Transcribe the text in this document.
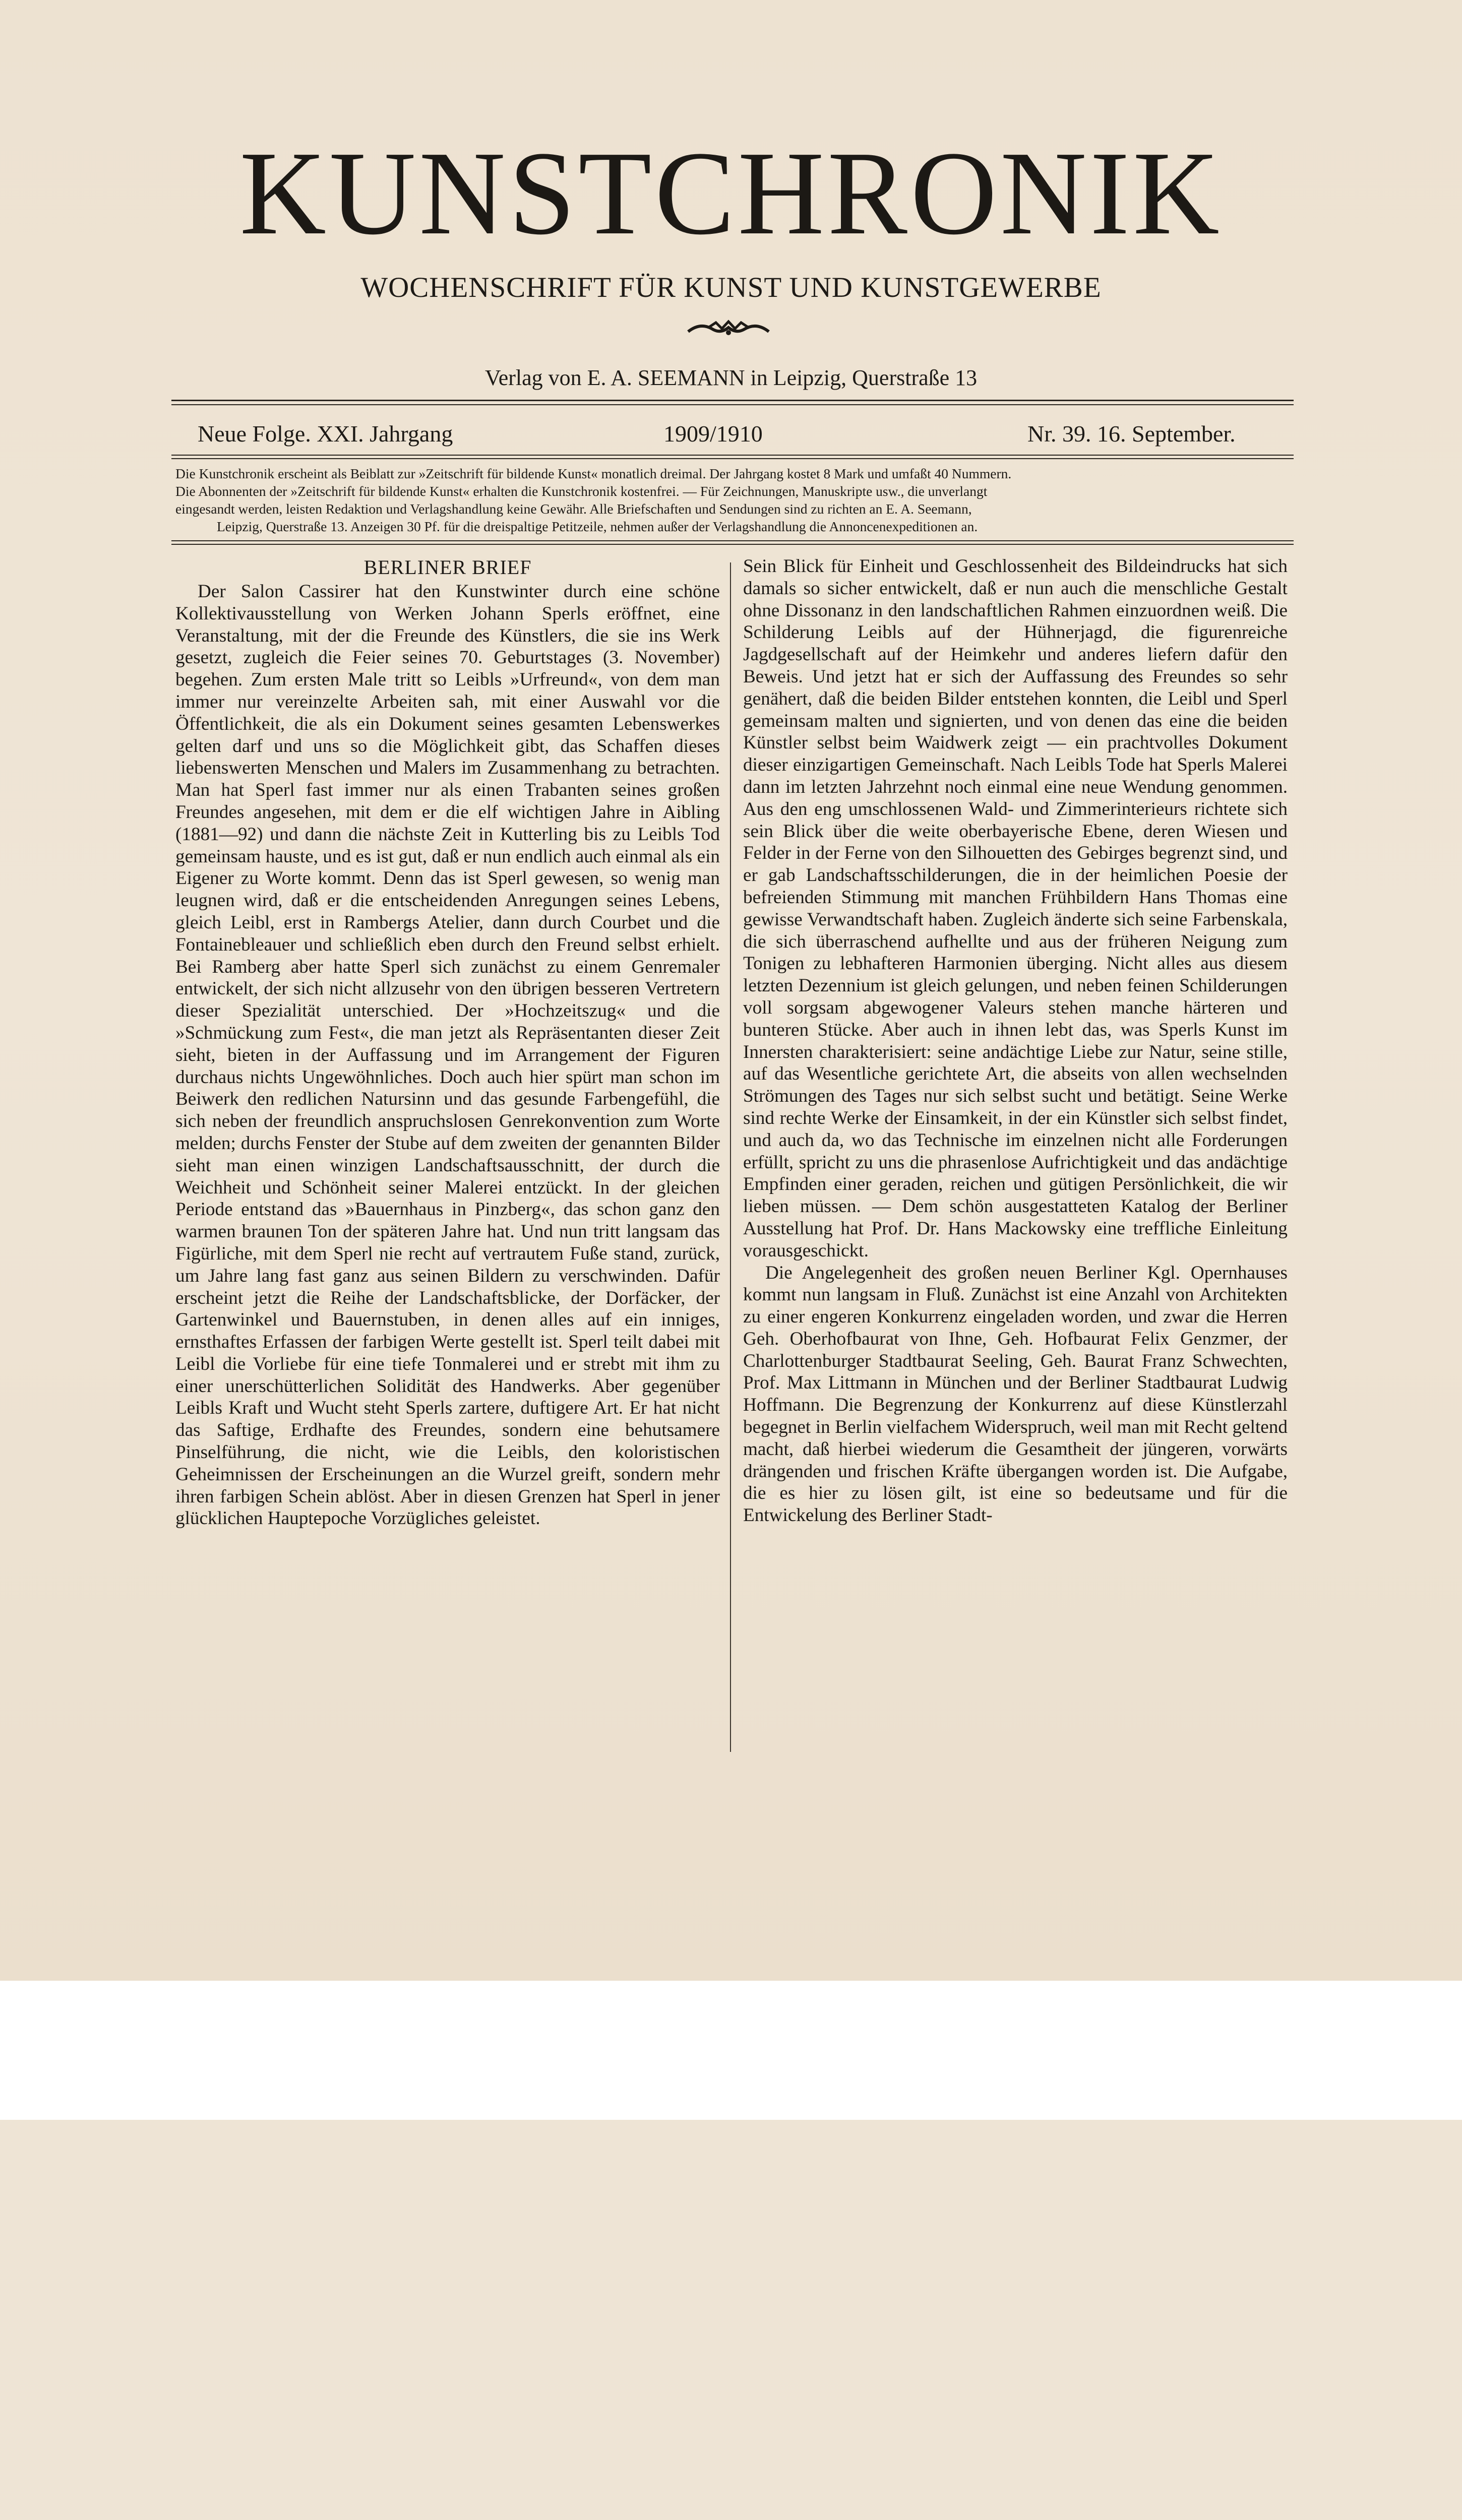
KUNSTCHRONIK
WOCHENSCHRIFT FÜR KUNST UND KUNSTGEWERBE
Verlag von E. A. SEEMANN in Leipzig, Querstraße 13
Neue Folge. XXI. Jahrgang	1909/1910	Nr. 39. 16. September.
Die Kunstchronik erscheint als Beiblatt zur »Zeitschrift für bildende Kunst« monatlich dreimal. Der Jahrgang kostet 8 Mark und umfaßt 40 Nummern.
Die Abonnenten der »Zeitschrift für bildende Kunst« erhalten die Kunstchronik kostenfrei. — Für Zeichnungen, Manuskripte usw., die unverlangt
eingesandt werden, leisten Redaktion und Verlagshandlung keine Gewähr. Alle Briefschaften und Sendungen sind zu richten an E. A. Seemann,
Leipzig, Querstraße 13. Anzeigen 30 Pf. für die dreispaltige Petitzeile, nehmen außer der Verlagshandlung die Annoncenexpeditionen an.
BERLINER BRIEF

Der Salon Cassirer hat den Kunstwinter durch eine schöne Kollektivausstellung von Werken Johann Sperls eröffnet, eine Veranstaltung, mit der die Freunde des Künstlers, die sie ins Werk gesetzt, zugleich die Feier seines 70. Geburtstages (3. November) begehen. Zum ersten Male tritt so Leibls »Urfreund«, von dem man immer nur vereinzelte Arbeiten sah, mit einer Auswahl vor die Öffentlichkeit, die als ein Dokument seines gesamten Lebenswerkes gelten darf und uns so die Möglichkeit gibt, das Schaffen dieses liebenswerten Menschen und Malers im Zusammenhang zu betrachten. Man hat Sperl fast immer nur als einen Trabanten seines großen Freundes angesehen, mit dem er die elf wichtigen Jahre in Aibling (1881—92) und dann die nächste Zeit in Kutterling bis zu Leibls Tod gemeinsam hauste, und es ist gut, daß er nun endlich auch einmal als ein Eigener zu Worte kommt. Denn das ist Sperl gewesen, so wenig man leugnen wird, daß er die entscheidenden Anregungen seines Lebens, gleich Leibl, erst in Rambergs Atelier, dann durch Courbet und die Fontainebleauer und schließlich eben durch den Freund selbst erhielt. Bei Ramberg aber hatte Sperl sich zunächst zu einem Genremaler entwickelt, der sich nicht allzusehr von den übrigen besseren Vertretern dieser Spezialität unterschied. Der »Hochzeitszug« und die »Schmückung zum Fest«, die man jetzt als Repräsentanten dieser Zeit sieht, bieten in der Auffassung und im Arrangement der Figuren durchaus nichts Ungewöhnliches. Doch auch hier spürt man schon im Beiwerk den redlichen Natursinn und das gesunde Farbengefühl, die sich neben der freundlich anspruchslosen Genrekonvention zum Worte melden; durchs Fenster der Stube auf dem zweiten der genannten Bilder sieht man einen winzigen Landschaftsausschnitt, der durch die Weichheit und Schönheit seiner Malerei entzückt. In der gleichen Periode entstand das »Bauernhaus in Pinzberg«, das schon ganz den warmen braunen Ton der späteren Jahre hat. Und nun tritt langsam das Figürliche, mit dem Sperl nie recht auf vertrautem Fuße stand, zurück, um Jahre lang fast ganz aus seinen Bildern zu verschwinden. Dafür erscheint jetzt die Reihe der Landschaftsblicke, der Dorfäcker, der Gartenwinkel und Bauernstuben, in denen alles auf ein inniges, ernsthaftes Erfassen der farbigen Werte gestellt ist. Sperl teilt dabei mit Leibl die Vorliebe für eine tiefe Tonmalerei und er strebt mit ihm zu einer unerschütterlichen Solidität des Handwerks. Aber gegenüber Leibls Kraft und Wucht steht Sperls zartere, duftigere Art. Er hat nicht das Saftige, Erdhafte des Freundes, sondern eine behutsamere Pinselführung, die nicht, wie die Leibls, den koloristischen Geheimnissen der Erscheinungen an die Wurzel greift, sondern mehr ihren farbigen Schein ablöst. Aber in diesen Grenzen hat Sperl in jener glücklichen Hauptepoche Vorzügliches geleistet.

Sein Blick für Einheit und Geschlossenheit des Bildeindrucks hat sich damals so sicher entwickelt, daß er nun auch die menschliche Gestalt ohne Dissonanz in den landschaftlichen Rahmen einzuordnen weiß. Die Schilderung Leibls auf der Hühnerjagd, die figurenreiche Jagdgesellschaft auf der Heimkehr und anderes liefern dafür den Beweis. Und jetzt hat er sich der Auffassung des Freundes so sehr genähert, daß die beiden Bilder entstehen konnten, die Leibl und Sperl gemeinsam malten und signierten, und von denen das eine die beiden Künstler selbst beim Waidwerk zeigt — ein prachtvolles Dokument dieser einzigartigen Gemeinschaft. Nach Leibls Tode hat Sperls Malerei dann im letzten Jahrzehnt noch einmal eine neue Wendung genommen. Aus den eng umschlossenen Wald- und Zimmerinterieurs richtete sich sein Blick über die weite oberbayerische Ebene, deren Wiesen und Felder in der Ferne von den Silhouetten des Gebirges begrenzt sind, und er gab Landschaftsschilderungen, die in der heimlichen Poesie der befreienden Stimmung mit manchen Frühbildern Hans Thomas eine gewisse Verwandtschaft haben. Zugleich änderte sich seine Farbenskala, die sich überraschend aufhellte und aus der früheren Neigung zum Tonigen zu lebhafteren Harmonien überging. Nicht alles aus diesem letzten Dezennium ist gleich gelungen, und neben feinen Schilderungen voll sorgsam abgewogener Valeurs stehen manche härteren und bunteren Stücke. Aber auch in ihnen lebt das, was Sperls Kunst im Innersten charakterisiert: seine andächtige Liebe zur Natur, seine stille, auf das Wesentliche gerichtete Art, die abseits von allen wechselnden Strömungen des Tages nur sich selbst sucht und betätigt. Seine Werke sind rechte Werke der Einsamkeit, in der ein Künstler sich selbst findet, und auch da, wo das Technische im einzelnen nicht alle Forderungen erfüllt, spricht zu uns die phrasenlose Aufrichtigkeit und das andächtige Empfinden einer geraden, reichen und gütigen Persönlichkeit, die wir lieben müssen. — Dem schön ausgestatteten Katalog der Berliner Ausstellung hat Prof. Dr. Hans Mackowsky eine treffliche Einleitung vorausgeschickt.

Die Angelegenheit des großen neuen Berliner Kgl. Opernhauses kommt nun langsam in Fluß. Zunächst ist eine Anzahl von Architekten zu einer engeren Konkurrenz eingeladen worden, und zwar die Herren Geh. Oberhofbaurat von Ihne, Geh. Hofbaurat Felix Genzmer, der Charlottenburger Stadtbaurat Seeling, Geh. Baurat Franz Schwechten, Prof. Max Littmann in München und der Berliner Stadtbaurat Ludwig Hoffmann. Die Begrenzung der Konkurrenz auf diese Künstlerzahl begegnet in Berlin vielfachem Widerspruch, weil man mit Recht geltend macht, daß hierbei wiederum die Gesamtheit der jüngeren, vorwärts drängenden und frischen Kräfte übergangen worden ist. Die Aufgabe, die es hier zu lösen gilt, ist eine so bedeutsame und für die Entwickelung des Berliner Stadt-
